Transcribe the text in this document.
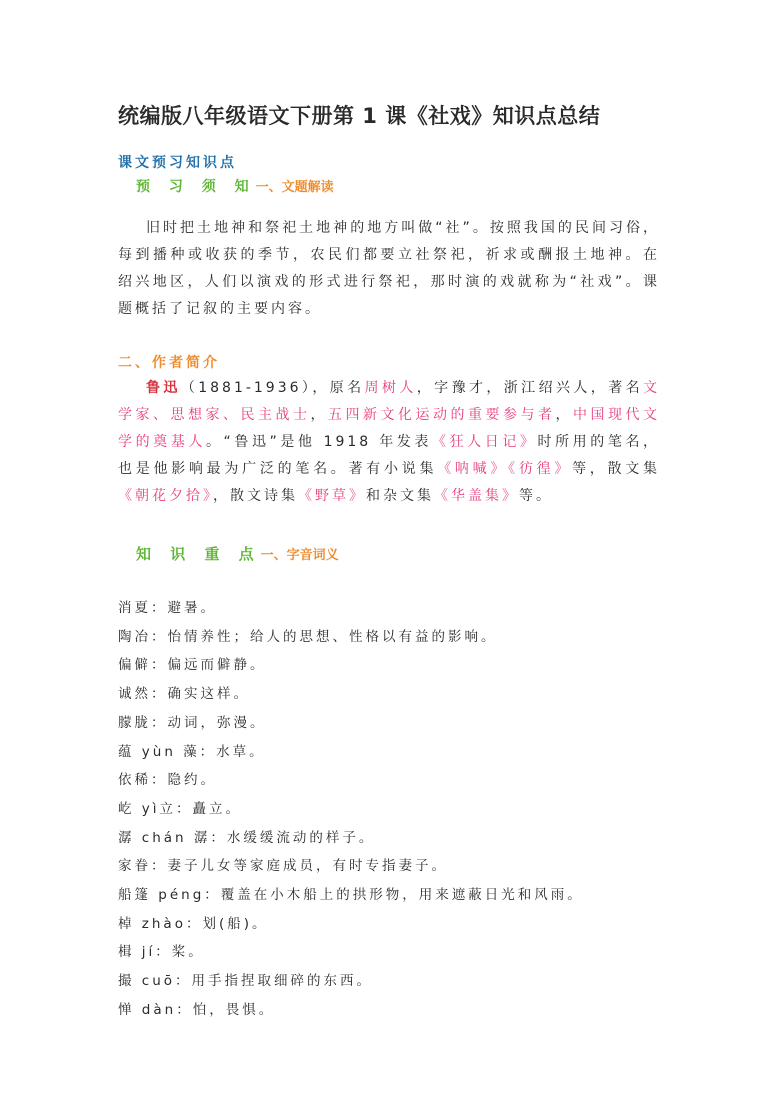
统编版八年级语文下册第 1 课《社戏》知识点总结
课文预习知识点
预 习 须 知一、文题解读

旧时把土地神和祭祀土地神的地方叫做“社”。按照我国的民间习俗，每到播种或收获的季节，农民们都要立社祭祀，祈求或酬报土地神。在绍兴地区，人们以演戏的形式进行祭祀，那时演的戏就称为“社戏”。课题概括了记叙的主要内容。

二、作者简介

鲁迅（1881-1936），原名周树人，字豫才，浙江绍兴人，著名文学家、思想家、民主战士，五四新文化运动的重要参与者，中国现代文学的奠基人。“鲁迅”是他 1918 年发表《狂人日记》时所用的笔名，也是他影响最为广泛的笔名。著有小说集《呐喊》《彷徨》等，散文集《朝花夕拾》，散文诗集《野草》和杂文集《华盖集》等。

知 识 重 点一、字音词义
消夏：避暑。
陶冶：怡情养性；给人的思想、性格以有益的影响。
偏僻：偏远而僻静。
诚然：确实这样。
朦胧：动词，弥漫。
蕴 yùn 藻：水草。
依稀：隐约。
屹 yì立：矗立。
潺 chán 潺：水缓缓流动的样子。
家眷：妻子儿女等家庭成员，有时专指妻子。
船篷 péng：覆盖在小木船上的拱形物，用来遮蔽日光和风雨。
棹 zhào：划(船)。
楫 jí：桨。
撮 cuō：用手指捏取细碎的东西。
惮 dàn：怕，畏惧。
